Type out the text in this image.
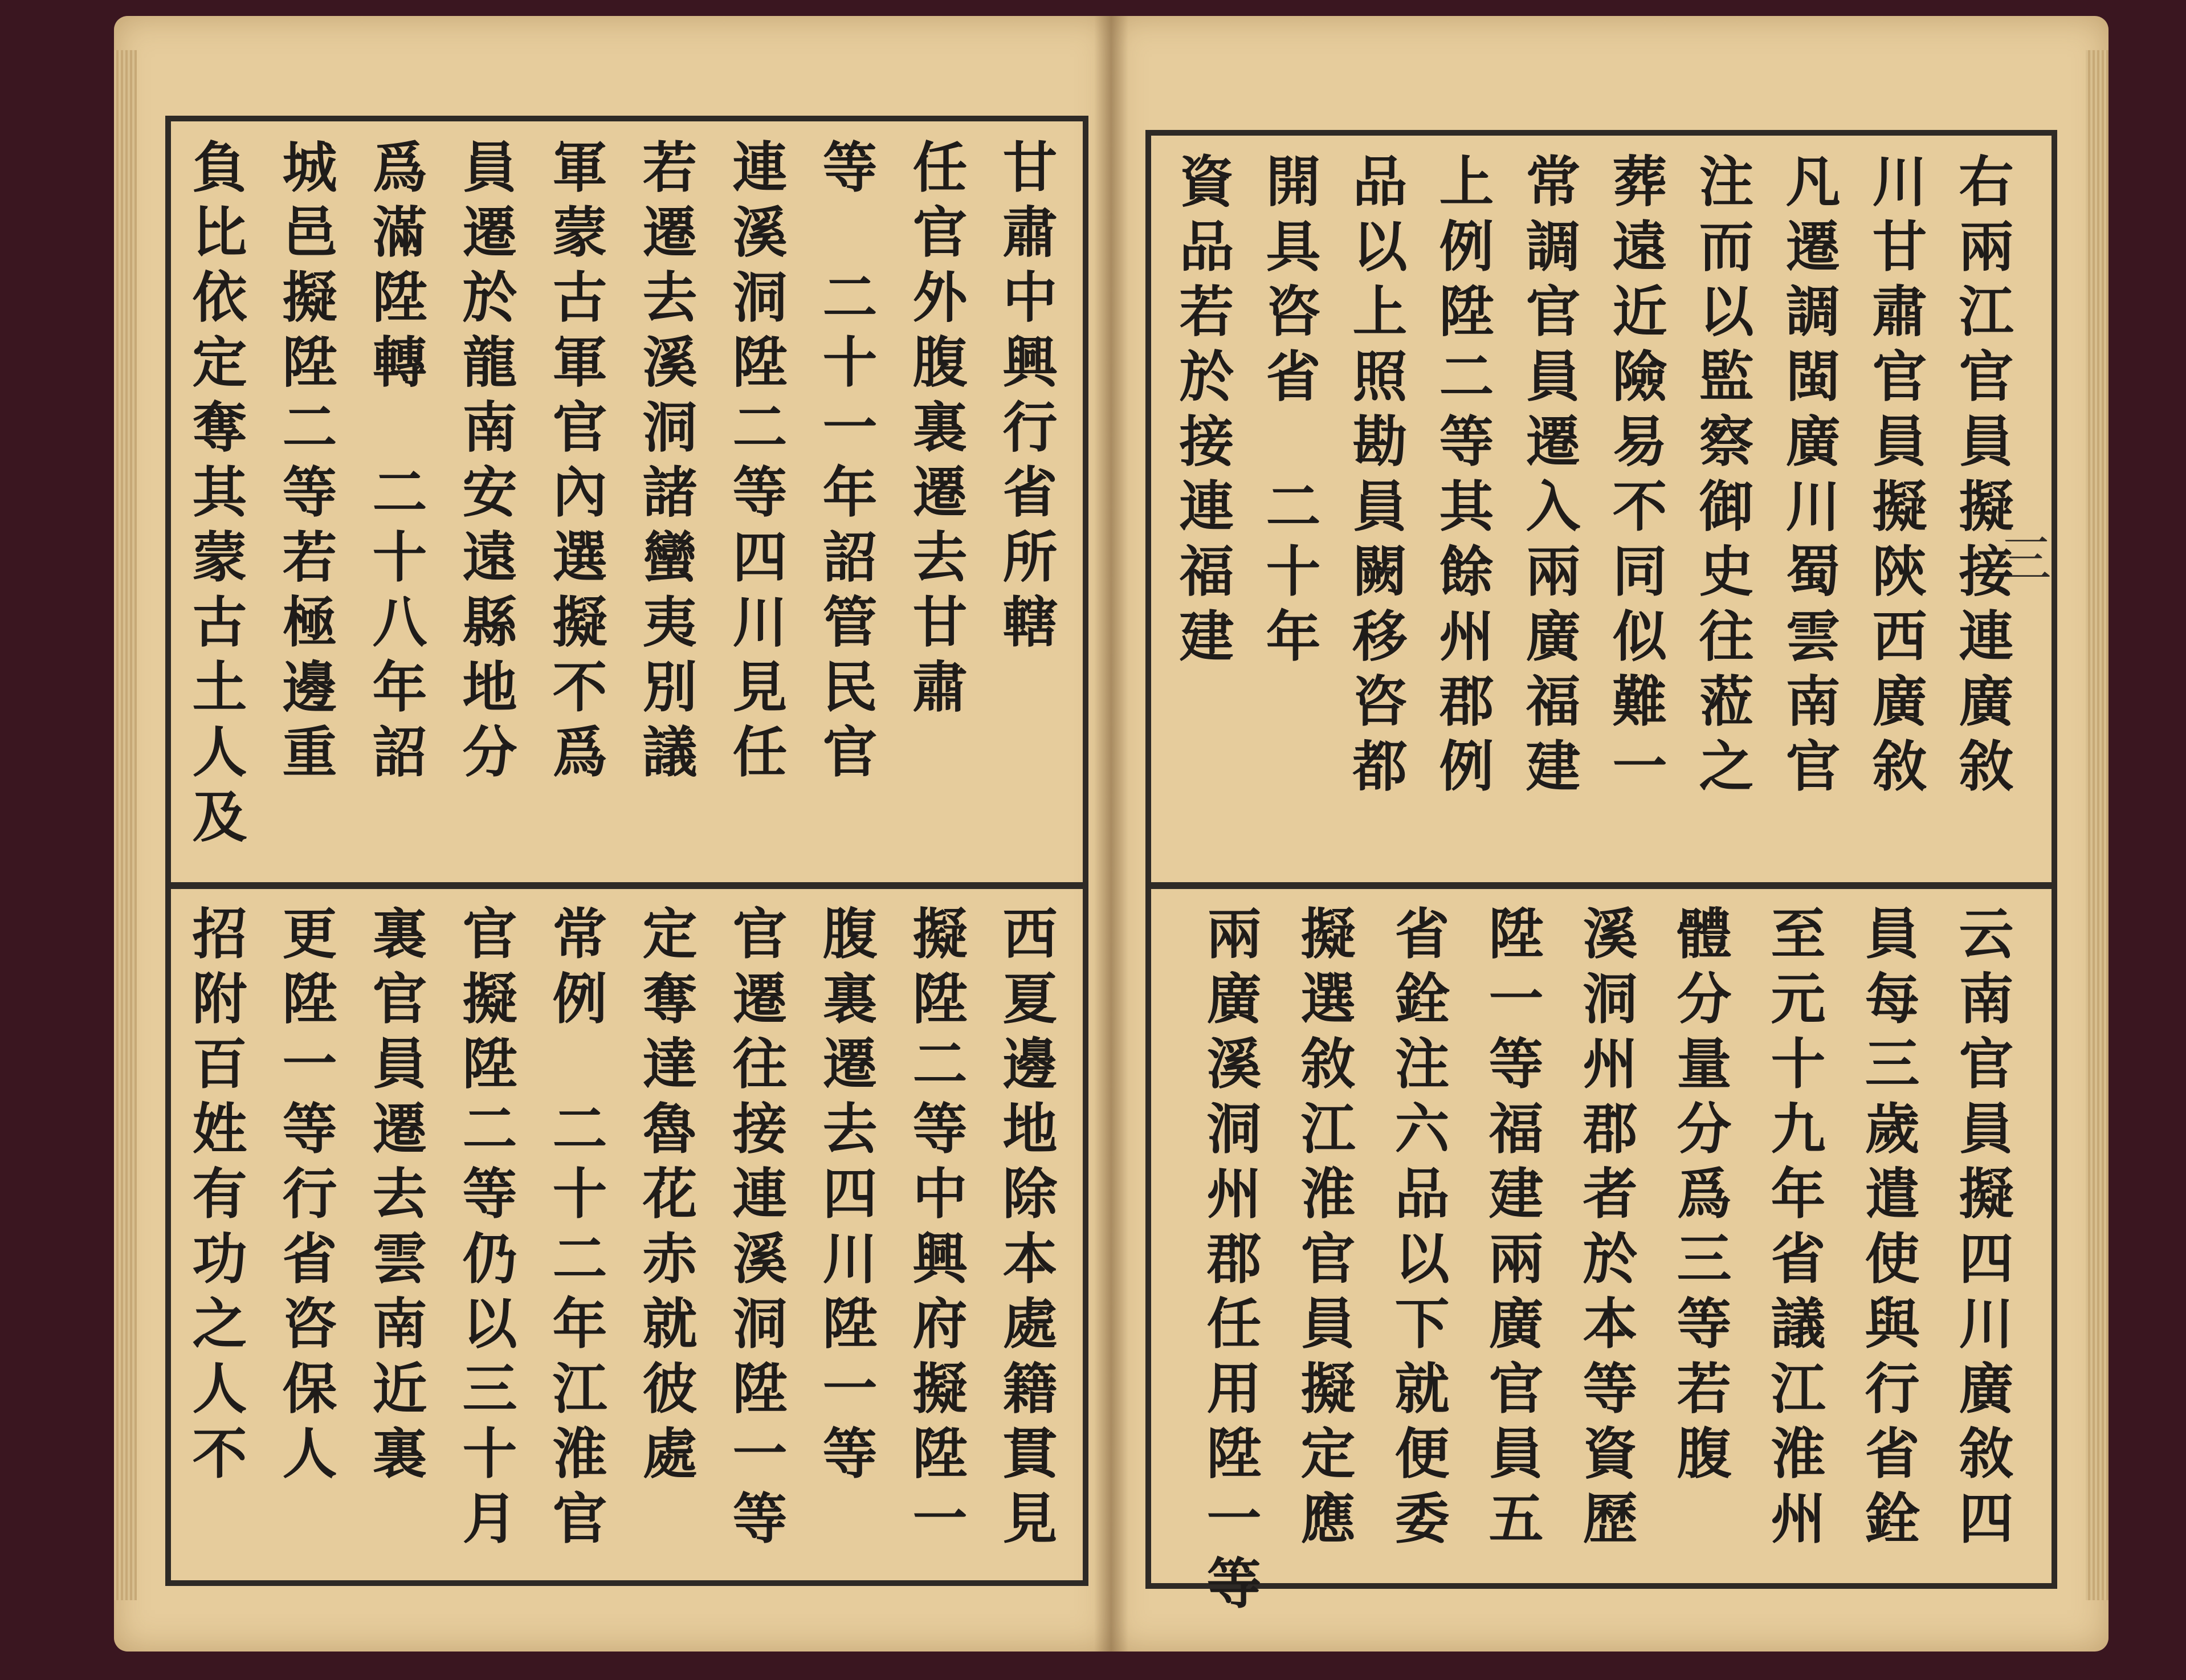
負比依定奪其蒙古土人及 城邑擬陞二等若極邊重 爲滿陞轉　二十八年詔 員遷於龍南安遠縣地分 軍蒙古軍官內選擬不爲 若遷去溪洞諸蠻夷別議 連溪洞陞二等四川見任 等　二十一年詔管民官 任官外腹裏遷去甘肅 甘肅中興行省所轄
招附百姓有功之人不 更陞一等行省咨保人 裏官員遷去雲南近裏 官擬陞二等仍以三十月 常例　二十二年江淮官 定奪達魯花赤就彼處 官遷往接連溪洞陞一等 腹裏遷去四川陞一等 擬陞二等中興府擬陞一 西夏邊地除本處籍貫見
右兩江官員擬接連廣敘
川甘肅官員擬陝西廣敘
凡遷調閩廣川蜀雲南官
注而以監察御史往蒞之
葬遠近險易不同似難一
常調官員遷入兩廣福建
上例陞二等其餘州郡例
品以上照勘員闕移咨都
開具咨省　二十年
資品若於接連福建
云南官員擬四川廣敘四
員每三歲遣使與行省銓
至元十九年省議江淮州
體分量分爲三等若腹
溪洞州郡者於本等資歷
陞一等福建兩廣官員五
省銓注六品以下就便委
擬選敘江淮官員擬定應
兩廣溪洞州郡任用陞一等
三
